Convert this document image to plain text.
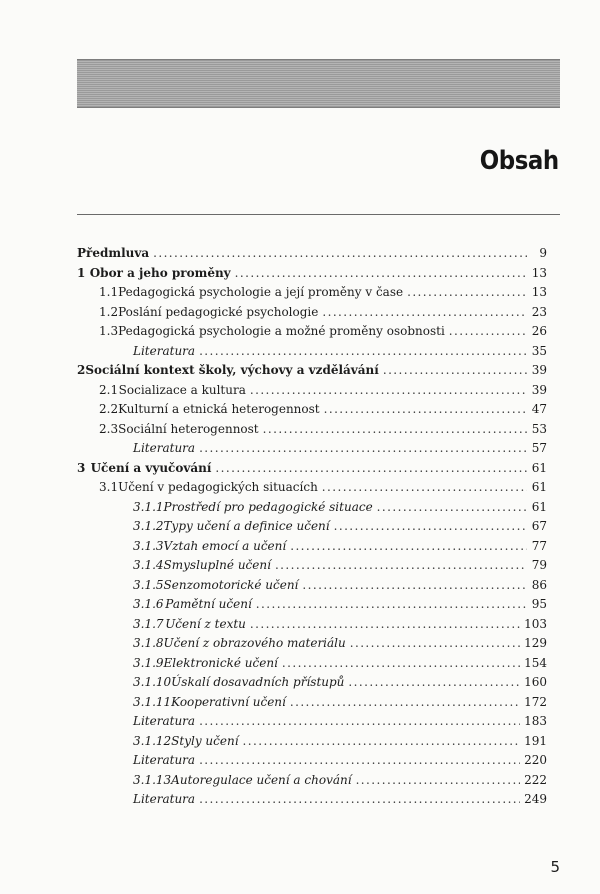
Obsah
Předmluva . . .	9
1 Obor a jeho proměny . . .	13
1.1 Pedagogická psychologie a její proměny v čase . . .	13
1.2 Poslání pedagogické psychologie . . .	23
1.3 Pedagogická psychologie a možné proměny osobnosti . . .	26
Literatura . . .	35
2 Sociální kontext školy, výchovy a vzdělávání . . .	39
2.1 Socializace a kultura . . .	39
2.2 Kulturní a etnická heterogennost . . .	47
2.3 Sociální heterogennost . . .	53
Literatura . . .	57
3 Učení a vyučování . . .	61
3.1 Učení v pedagogických situacích . . .	61
3.1.1 Prostředí pro pedagogické situace . . .	61
3.1.2 Typy učení a definice učení . . .	67
3.1.3 Vztah emocí a učení . . .	77
3.1.4 Smysluplné učení . . .	79
3.1.5 Senzomotorické učení . . .	86
3.1.6 Pamětní učení . . .	95
3.1.7 Učení z textu . . .	103
3.1.8 Učení z obrazového materiálu . . .	129
3.1.9 Elektronické učení . . .	154
3.1.10 Úskalí dosavadních přístupů . . .	160
3.1.11 Kooperativní učení . . .	172
Literatura . . .	183
3.1.12 Styly učení . . .	191
Literatura . . .	220
3.1.13 Autoregulace učení a chování . . .	222
Literatura . . .	249
5
